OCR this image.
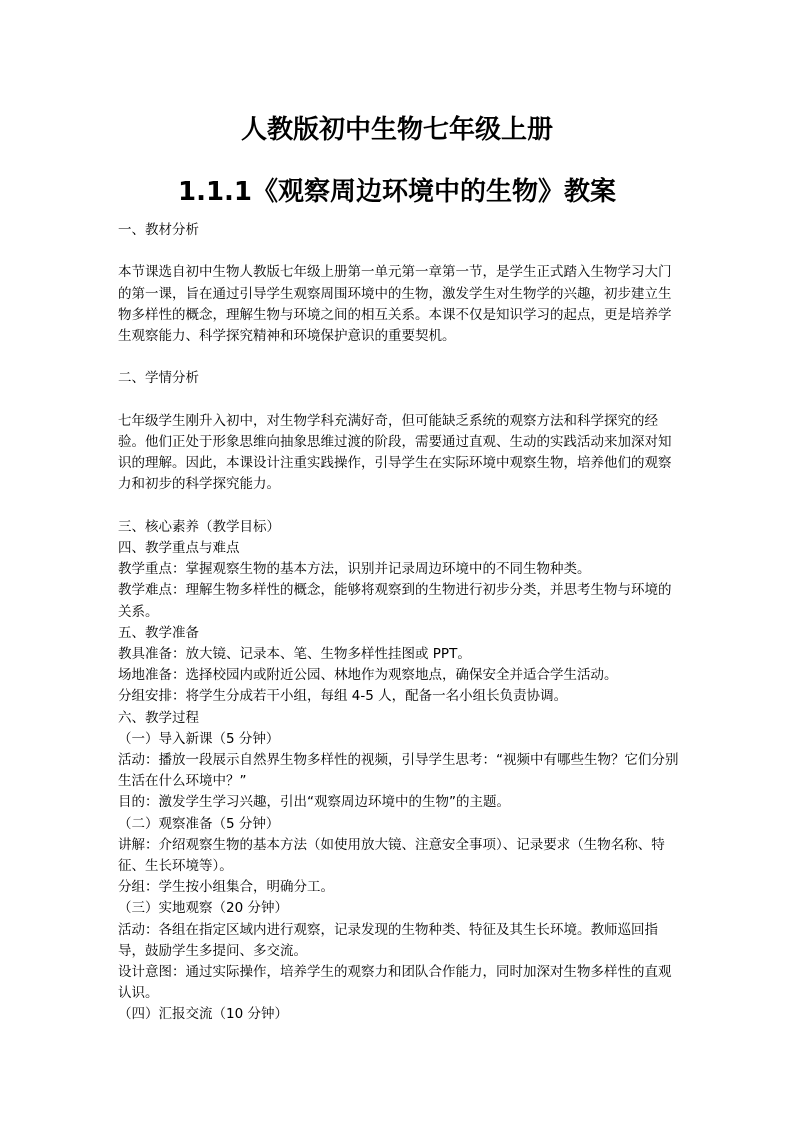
人教版初中生物七年级上册
1.1.1《观察周边环境中的生物》教案

一、教材分析

本节课选自初中生物人教版七年级上册第一单元第一章第一节，是学生正式踏入生物学习大门的第一课，旨在通过引导学生观察周围环境中的生物，激发学生对生物学的兴趣，初步建立生物多样性的概念，理解生物与环境之间的相互关系。本课不仅是知识学习的起点，更是培养学生观察能力、科学探究精神和环境保护意识的重要契机。

二、学情分析

七年级学生刚升入初中，对生物学科充满好奇，但可能缺乏系统的观察方法和科学探究的经验。他们正处于形象思维向抽象思维过渡的阶段，需要通过直观、生动的实践活动来加深对知识的理解。因此，本课设计注重实践操作，引导学生在实际环境中观察生物，培养他们的观察力和初步的科学探究能力。

三、核心素养（教学目标）

四、教学重点与难点

教学重点：掌握观察生物的基本方法，识别并记录周边环境中的不同生物种类。

教学难点：理解生物多样性的概念，能够将观察到的生物进行初步分类，并思考生物与环境的关系。

五、教学准备

教具准备：放大镜、记录本、笔、生物多样性挂图或 PPT。

场地准备：选择校园内或附近公园、林地作为观察地点，确保安全并适合学生活动。

分组安排：将学生分成若干小组，每组 4-5 人，配备一名小组长负责协调。

六、教学过程

（一）导入新课（5 分钟）

活动：播放一段展示自然界生物多样性的视频，引导学生思考：“视频中有哪些生物？它们分别生活在什么环境中？”

目的：激发学生学习兴趣，引出“观察周边环境中的生物”的主题。

（二）观察准备（5 分钟）

讲解：介绍观察生物的基本方法（如使用放大镜、注意安全事项）、记录要求（生物名称、特征、生长环境等）。

分组：学生按小组集合，明确分工。

（三）实地观察（20 分钟）

活动：各组在指定区域内进行观察，记录发现的生物种类、特征及其生长环境。教师巡回指导，鼓励学生多提问、多交流。

设计意图：通过实际操作，培养学生的观察力和团队合作能力，同时加深对生物多样性的直观认识。

（四）汇报交流（10 分钟）
